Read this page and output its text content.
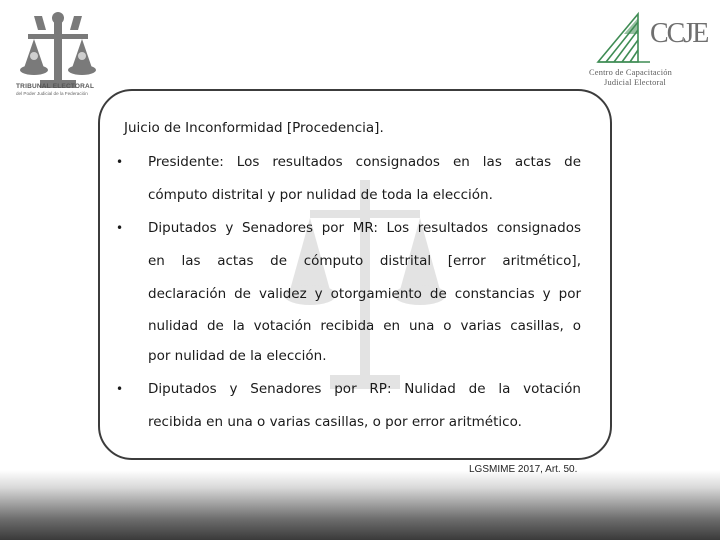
TRIBUNAL ELECTORAL
del Poder Judicial de la Federación
CCJE
Centro de Capacitación
Judicial Electoral
Juicio de Inconformidad [Procedencia].
• Presidente: Los resultados consignados en las actas de
cómputo distrital y por nulidad de toda la elección.
• Diputados y Senadores por MR: Los resultados consignados
en las actas de cómputo distrital [error aritmético],
declaración de validez y otorgamiento de constancias y por
nulidad de la votación recibida en una o varias casillas, o
por nulidad de la elección.
• Diputados y Senadores por RP: Nulidad de la votación
recibida en una o varias casillas, o por error aritmético.
LGSMIME 2017, Art. 50.
